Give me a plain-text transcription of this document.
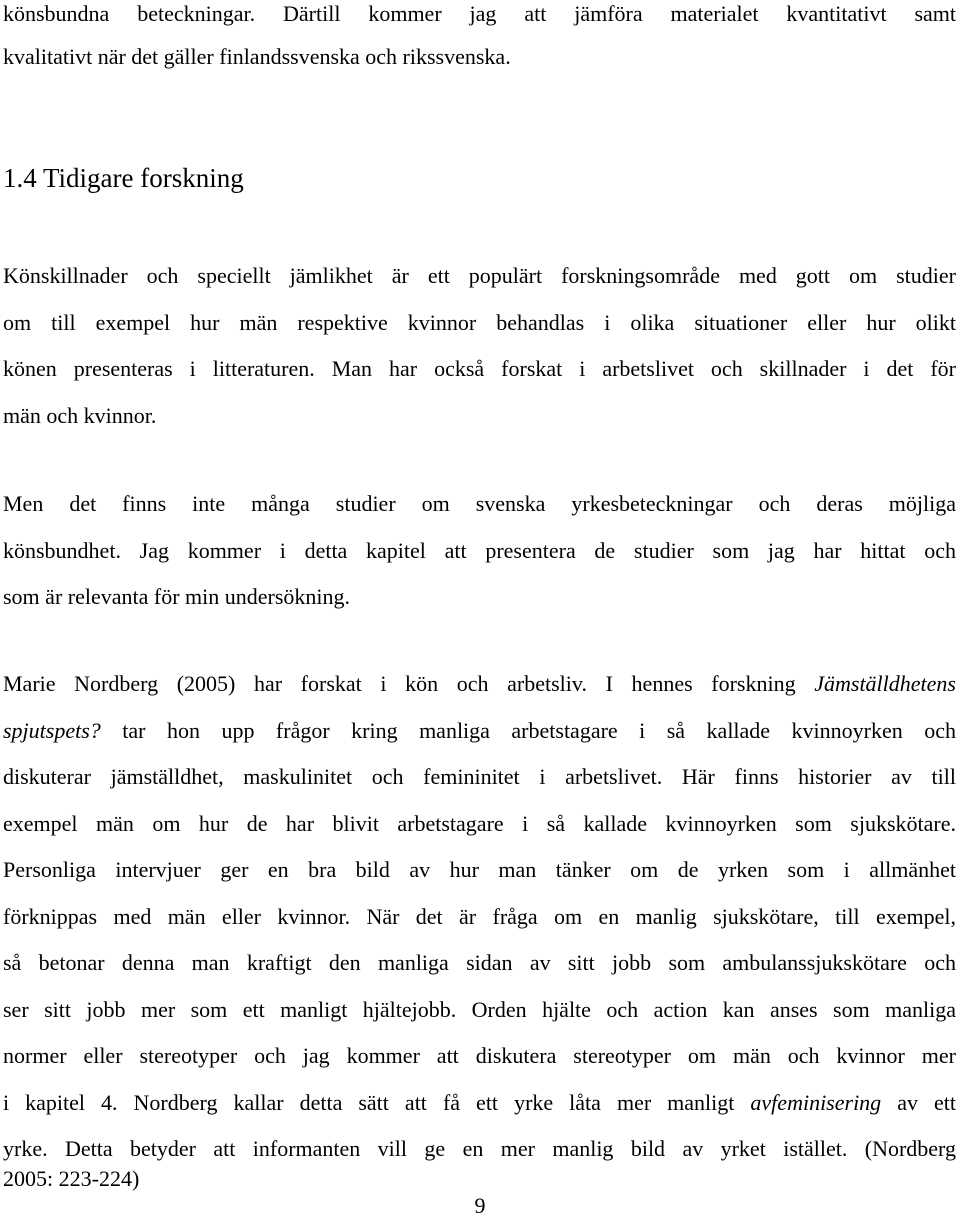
könsbundna beteckningar. Därtill kommer jag att jämföra materialet kvantitativt samt
kvalitativt när det gäller finlandssvenska och rikssvenska.
1.4 Tidigare forskning
Könskillnader och speciellt jämlikhet är ett populärt forskningsområde med gott om studier
om till exempel hur män respektive kvinnor behandlas i olika situationer eller hur olikt
könen presenteras i litteraturen. Man har också forskat i arbetslivet och skillnader i det för
män och kvinnor.
Men det finns inte många studier om svenska yrkesbeteckningar och deras möjliga
könsbundhet. Jag kommer i detta kapitel att presentera de studier som jag har hittat och
som är relevanta för min undersökning.
Marie Nordberg (2005) har forskat i kön och arbetsliv. I hennes forskning Jämställdhetens
spjutspets? tar hon upp frågor kring manliga arbetstagare i så kallade kvinnoyrken och
diskuterar jämställdhet, maskulinitet och femininitet i arbetslivet. Här finns historier av till
exempel män om hur de har blivit arbetstagare i så kallade kvinnoyrken som sjukskötare.
Personliga intervjuer ger en bra bild av hur man tänker om de yrken som i allmänhet
förknippas med män eller kvinnor. När det är fråga om en manlig sjukskötare, till exempel,
så betonar denna man kraftigt den manliga sidan av sitt jobb som ambulanssjukskötare och
ser sitt jobb mer som ett manligt hjältejobb. Orden hjälte och action kan anses som manliga
normer eller stereotyper och jag kommer att diskutera stereotyper om män och kvinnor mer
i kapitel 4. Nordberg kallar detta sätt att få ett yrke låta mer manligt avfeminisering av ett
yrke. Detta betyder att informanten vill ge en mer manlig bild av yrket istället. (Nordberg
2005: 223-224)
9
